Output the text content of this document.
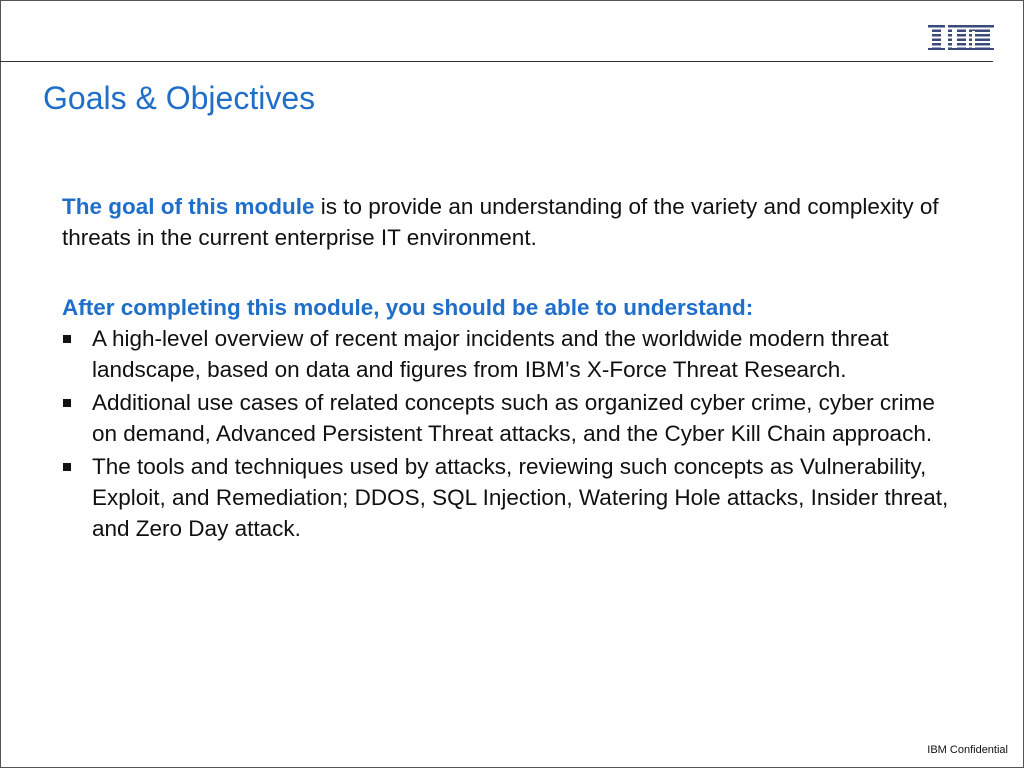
Goals & Objectives

The goal of this module is to provide an understanding of the variety and complexity of threats in the current enterprise IT environment.

After completing this module, you should be able to understand:

A high-level overview of recent major incidents and the worldwide modern threat landscape, based on data and figures from IBM’s X-Force Threat Research.
Additional use cases of related concepts such as organized cyber crime, cyber crime on demand, Advanced Persistent Threat attacks, and the Cyber Kill Chain approach.
The tools and techniques used by attacks, reviewing such concepts as Vulnerability, Exploit, and Remediation; DDOS, SQL Injection, Watering Hole attacks, Insider threat, and Zero Day attack.
IBM Confidential
